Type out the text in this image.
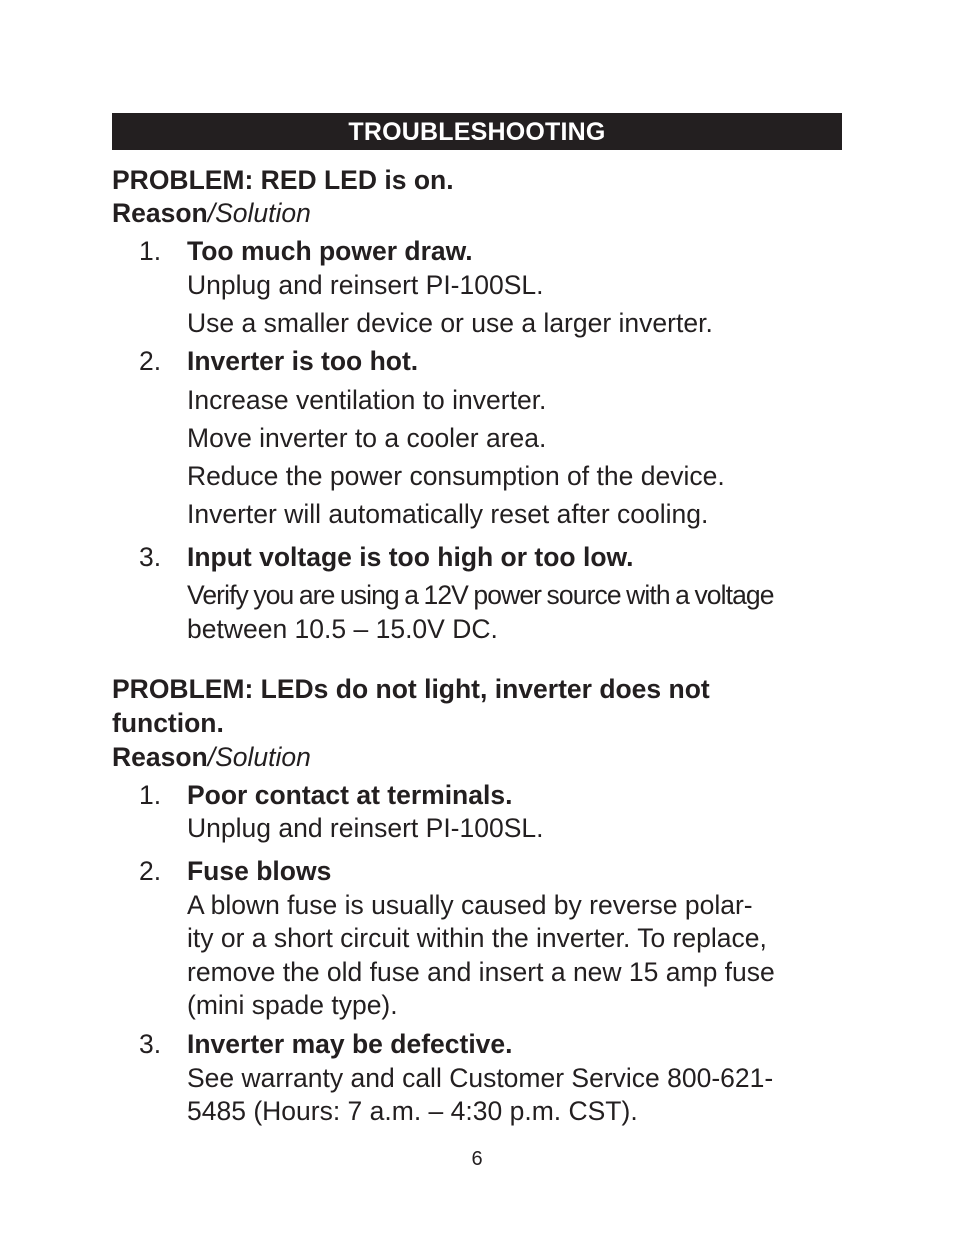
TROUBLESHOOTING
PROBLEM: RED LED is on.
Reason/Solution
1. Too much power draw.
Unplug and reinsert PI-100SL.
Use a smaller device or use a larger inverter.
2. Inverter is too hot.
Increase ventilation to inverter.
Move inverter to a cooler area.
Reduce the power consumption of the device.
Inverter will automatically reset after cooling.
3. Input voltage is too high or too low.
Verify you are using a 12V power source with a voltage
between 10.5 – 15.0V DC.
PROBLEM: LEDs do not light, inverter does not
function.
Reason/Solution
1. Poor contact at terminals.
Unplug and reinsert PI-100SL.
2. Fuse blows
A blown fuse is usually caused by reverse polar-
ity or a short circuit within the inverter. To replace,
remove the old fuse and insert a new 15 amp fuse
(mini spade type).
3. Inverter may be defective.
See warranty and call Customer Service 800-621-
5485 (Hours: 7 a.m. – 4:30 p.m. CST).
6
